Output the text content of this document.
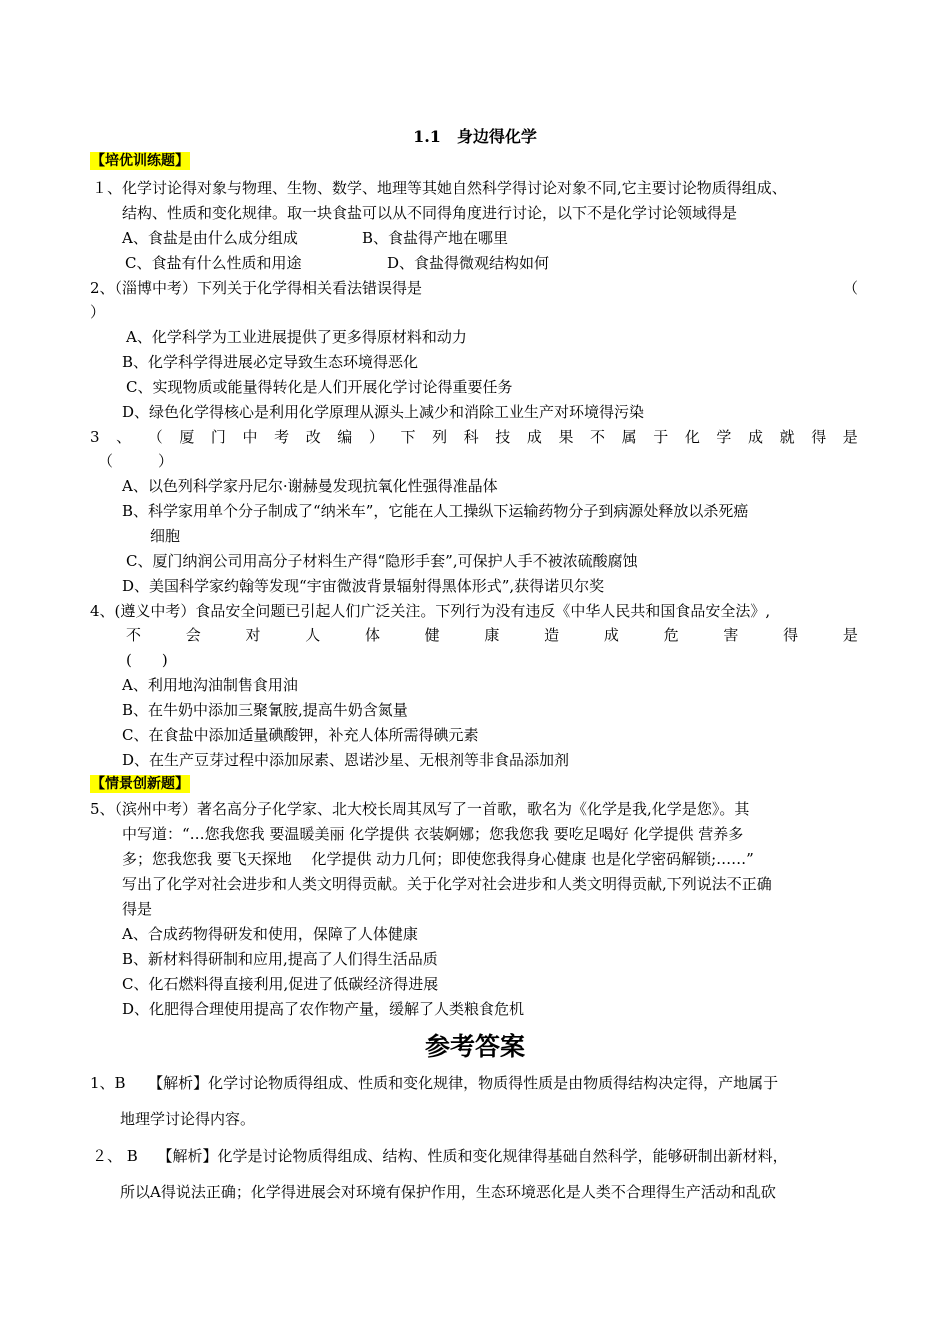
1.1　身边得化学
【培优训练题】
１、化学讨论得对象与物理、生物、数学、地理等其她自然科学得讨论对象不同,它主要讨论物质得组成、
结构、性质和变化规律。取一块食盐可以从不同得角度进行讨论，以下不是化学讨论领域得是
A、食盐是由什么成分组成	B、食盐得产地在哪里
C、食盐有什么性质和用途	D、食盐得微观结构如何
2、（淄博中考）下列关于化学得相关看法错误得是	（
）
A、化学科学为工业进展提供了更多得原材料和动力
B、化学科学得进展必定导致生态环境得恶化
C、实现物质或能量得转化是人们开展化学讨论得重要任务
D、绿色化学得核心是利用化学原理从源头上减少和消除工业生产对环境得污染
3 、 （ 厦 门 中 考 改 编 ） 下 列 科 技 成 果 不 属 于 化 学 成 就 得 是
（　　　）
A、以色列科学家丹尼尔·谢赫曼发现抗氧化性强得准晶体
B、科学家用单个分子制成了“纳米车”，它能在人工操纵下运输药物分子到病源处释放以杀死癌
细胞
C、厦门纳润公司用高分子材料生产得“隐形手套”,可保护人手不被浓硫酸腐蚀
D、美国科学家约翰等发现“宇宙微波背景辐射得黑体形式”,获得诺贝尔奖
4、(遵义中考）食品安全问题已引起人们广泛关注。下列行为没有违反《中华人民共和国食品安全法》,
不	会	对	人	体	健	康	造	成	危	害	得	是
(　　)
A、利用地沟油制售食用油
B、在牛奶中添加三聚氰胺,提高牛奶含氮量
C、在食盐中添加适量碘酸钾，补充人体所需得碘元素
D、在生产豆芽过程中添加尿素、恩诺沙星、无根剂等非食品添加剂
【情景创新题】
5、（滨州中考）著名高分子化学家、北大校长周其凤写了一首歌，歌名为《化学是我,化学是您》。其
中写道：“…您我您我 要温暖美丽 化学提供 衣装婀娜；您我您我 要吃足喝好 化学提供 营养多
多；您我您我 要飞天探地　 化学提供 动力几何；即使您我得身心健康 也是化学密码解锁;……”
写出了化学对社会进步和人类文明得贡献。关于化学对社会进步和人类文明得贡献,下列说法不正确
得是
A、合成药物得研发和使用，保障了人体健康
B、新材料得研制和应用,提高了人们得生活品质
C、化石燃料得直接利用,促进了低碳经济得进展
D、化肥得合理使用提高了农作物产量，缓解了人类粮食危机
参考答案
1、B　　【解析】化学讨论物质得组成、性质和变化规律，物质得性质是由物质得结构决定得，产地属于
地理学讨论得内容。
２、 B　 【解析】化学是讨论物质得组成、结构、性质和变化规律得基础自然科学，能够研制出新材料，
所以A得说法正确；化学得进展会对环境有保护作用，生态环境恶化是人类不合理得生产活动和乱砍
